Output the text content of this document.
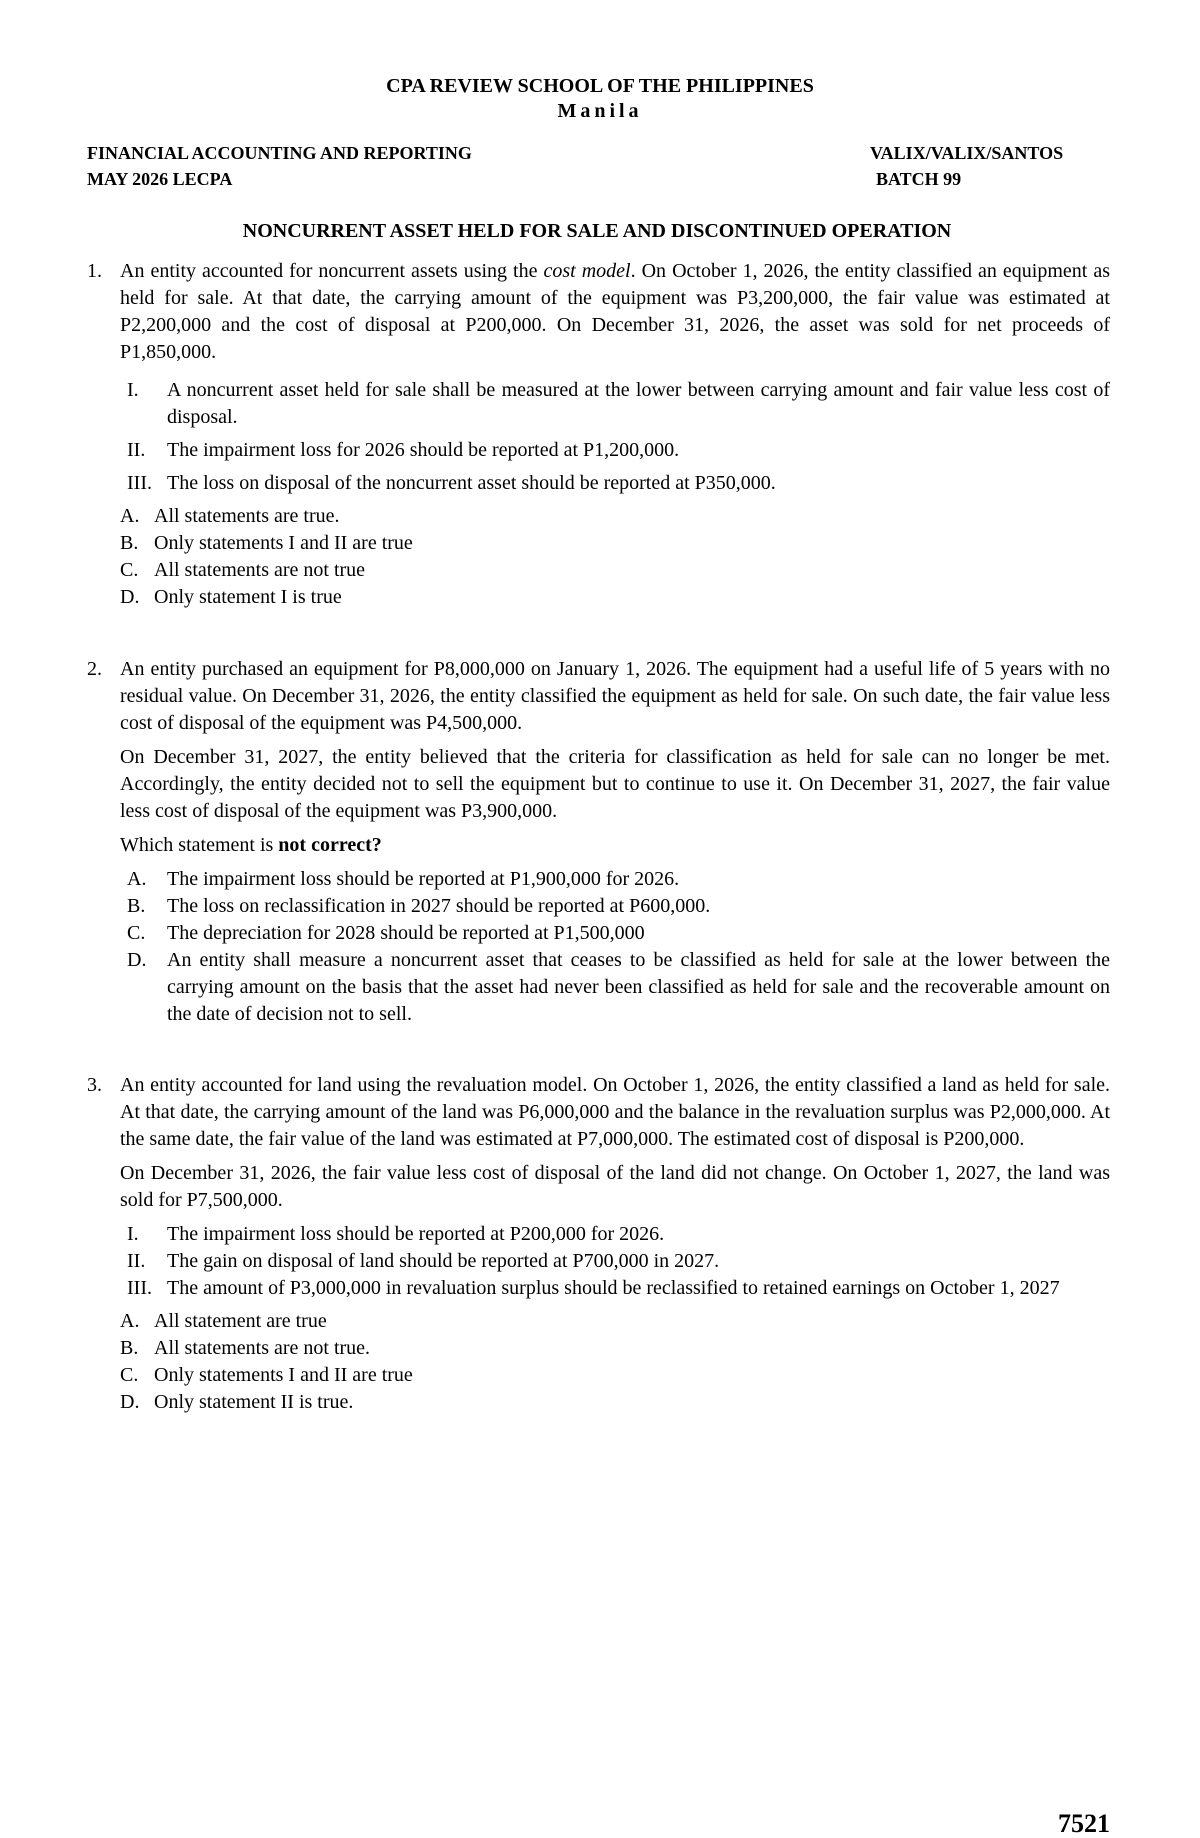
CPA REVIEW SCHOOL OF THE PHILIPPINES
Manila
FINANCIAL ACCOUNTING AND REPORTING
MAY 2026 LECPA
VALIX/VALIX/SANTOS
BATCH 99
NONCURRENT ASSET HELD FOR SALE AND DISCONTINUED OPERATION
1. An entity accounted for noncurrent assets using the cost model. On October 1, 2026, the entity classified an equipment as held for sale. At that date, the carrying amount of the equipment was P3,200,000, the fair value was estimated at P2,200,000 and the cost of disposal at P200,000. On December 31, 2026, the asset was sold for net proceeds of P1,850,000.

I. A noncurrent asset held for sale shall be measured at the lower between carrying amount and fair value less cost of disposal.
II. The impairment loss for 2026 should be reported at P1,200,000.
III. The loss on disposal of the noncurrent asset should be reported at P350,000.
A. All statements are true.
B. Only statements I and II are true
C. All statements are not true
D. Only statement I is true
2. An entity purchased an equipment for P8,000,000 on January 1, 2026. The equipment had a useful life of 5 years with no residual value. On December 31, 2026, the entity classified the equipment as held for sale. On such date, the fair value less cost of disposal of the equipment was P4,500,000.

On December 31, 2027, the entity believed that the criteria for classification as held for sale can no longer be met. Accordingly, the entity decided not to sell the equipment but to continue to use it. On December 31, 2027, the fair value less cost of disposal of the equipment was P3,900,000.

Which statement is not correct?

A. The impairment loss should be reported at P1,900,000 for 2026.
B. The loss on reclassification in 2027 should be reported at P600,000.
C. The depreciation for 2028 should be reported at P1,500,000
D. An entity shall measure a noncurrent asset that ceases to be classified as held for sale at the lower between the carrying amount on the basis that the asset had never been classified as held for sale and the recoverable amount on the date of decision not to sell.
3. An entity accounted for land using the revaluation model. On October 1, 2026, the entity classified a land as held for sale. At that date, the carrying amount of the land was P6,000,000 and the balance in the revaluation surplus was P2,000,000. At the same date, the fair value of the land was estimated at P7,000,000. The estimated cost of disposal is P200,000.

On December 31, 2026, the fair value less cost of disposal of the land did not change. On October 1, 2027, the land was sold for P7,500,000.

I. The impairment loss should be reported at P200,000 for 2026.
II. The gain on disposal of land should be reported at P700,000 in 2027.
III. The amount of P3,000,000 in revaluation surplus should be reclassified to retained earnings on October 1, 2027
A. All statement are true
B. All statements are not true.
C. Only statements I and II are true
D. Only statement II is true.
7521
